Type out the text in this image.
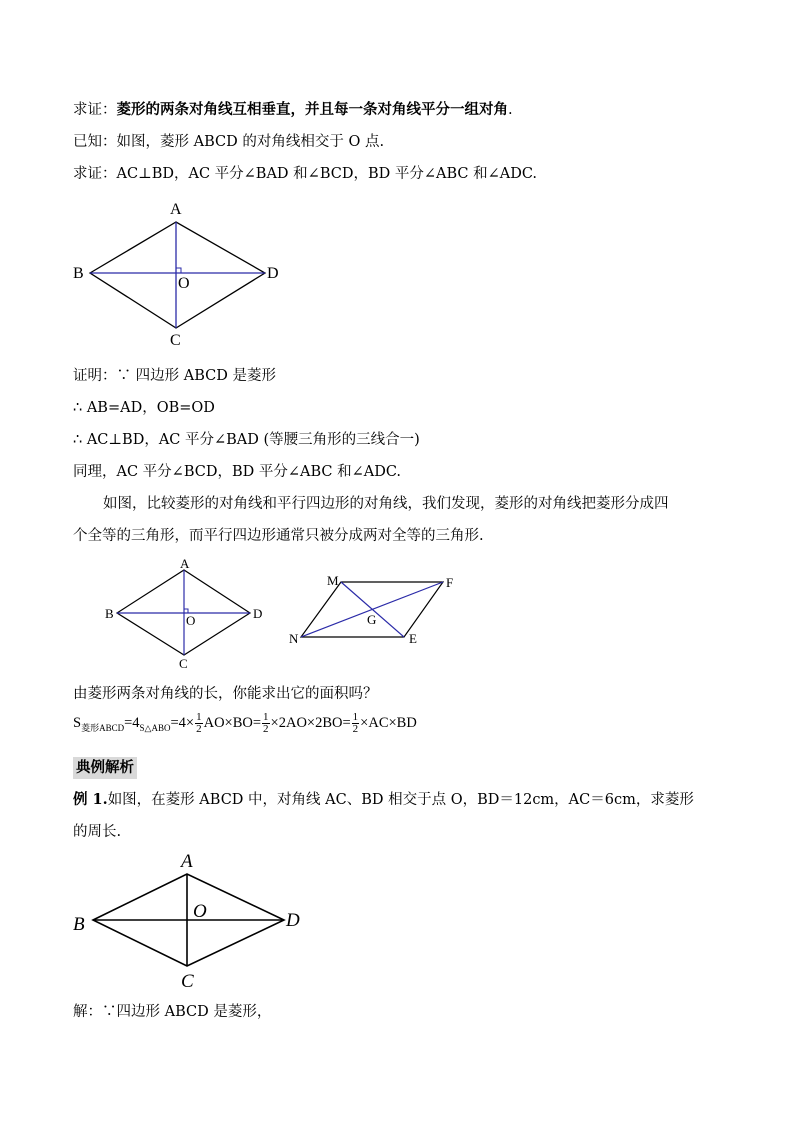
求证：菱形的两条对角线互相垂直，并且每一条对角线平分一组对角.
已知：如图，菱形 ABCD 的对角线相交于 O 点.
求证：AC⊥BD，AC 平分∠BAD 和∠BCD，BD 平分∠ABC 和∠ADC.
A
B	D
O
C
证明：∵ 四边形 ABCD 是菱形
∴ AB=AD，OB=OD
∴ AC⊥BD，AC 平分∠BAD (等腰三角形的三线合一)
同理，AC 平分∠BCD，BD 平分∠ABC 和∠ADC.
如图，比较菱形的对角线和平行四边形的对角线，我们发现，菱形的对角线把菱形分成四
个全等的三角形，而平行四边形通常只被分成两对全等的三角形.
A
B	D
O
C
M	F
N	E
G
由菱形两条对角线的长，你能求出它的面积吗？
$S_{菱形ABCD}=4_{S\triangle ABO}=4\times \frac{1}{2} AO\times BO= \frac{1}{2} \times 2AO\times 2BO= \frac{1}{2} \times AC\times BD$
典例解析
例 1.如图，在菱形 ABCD 中，对角线 AC、BD 相交于点 O，BD＝12cm，AC＝6cm，求菱形
的周长.
A
B	D
O
C
解：∵四边形 ABCD 是菱形，
